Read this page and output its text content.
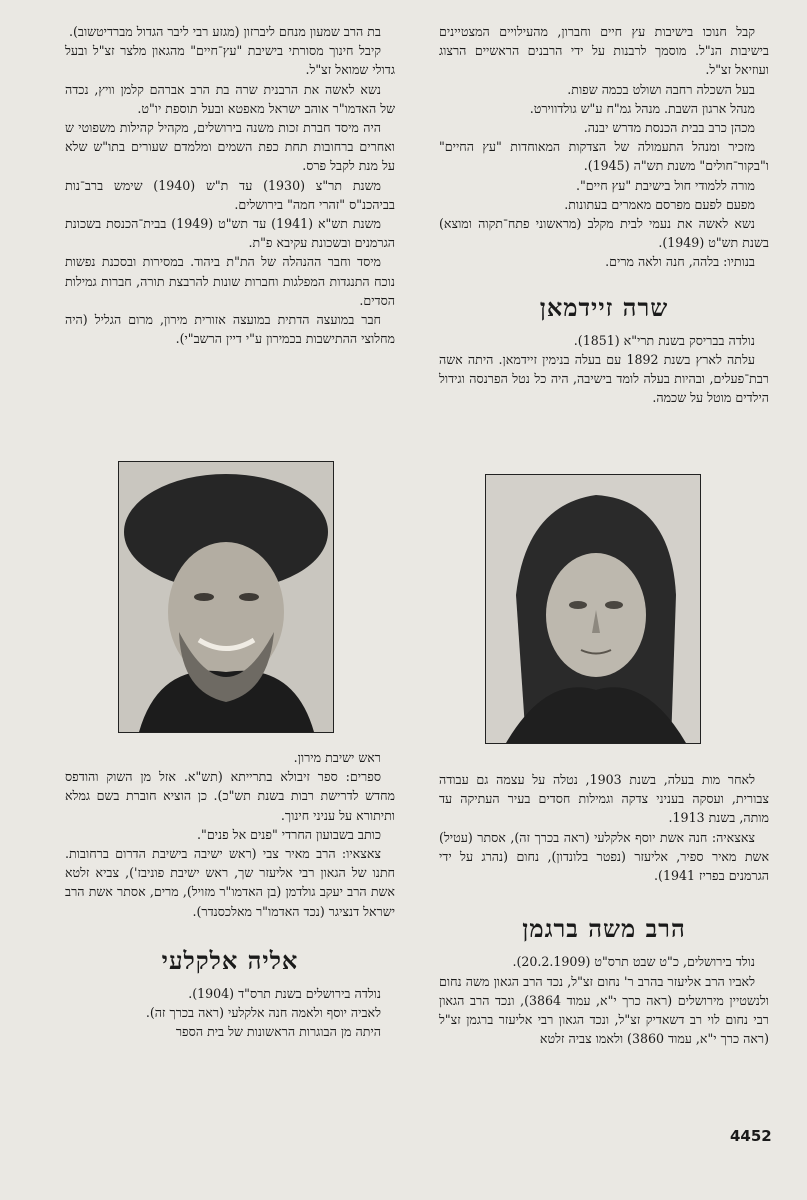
קבל חנוכו בישיבות עץ חיים וחברון, מהעילויים המצטיינים בישיבות הנ"ל. מוסמך לרבנות על ידי הרבנים הראשיים הרצוג ועוזיאל זצ"ל.

בעל השכלה רחבה ושולט בכמה שפות.

מנהל ארגון השבת. מנהל גמ"ח ע"ש גולדווירט.

מכהן כרב בבית הכנסת מדרש יבנה.

מזכיר ומנהל התעמולה של הצדקות המאוחדות "עץ החיים" ו"בקור־חולים" משנת תש"ה (1945).

מורה ללמודי חול בישיבת "עץ חיים".

מפעם לפעם מפרסם מאמרים בעתונות.

נשא לאשה את נעמי לבית מקלב (מראשוני פתח־תקוה ומוצא) בשנת תש"ט (1949).

בנותיו: בלהה, חנה ולאה מרים.

שרה זיידמאן

נולדה בבריסק בשנת תרי"א (1851).

עלתה לארץ בשנת 1892 עם בעלה בנימין זיידמאן. היתה אשה רבת־פעלים, ובהיות בעלה לומד בישיבה, היה כל נטל הפרנסה וגידול הילדים מוטל על שכמה.

לאחר מות בעלה, בשנת 1903, נטלה על עצמה גם עבודה צבורית, ועסקה בעניני צדקה וגמילות חסדים בעיר העתיקה עד מותה, בשנת 1913.

צאצאיה: חנה אשת יוסף אלקלעי (ראה בכרך זה), אסתר (עטיל) אשת מאיר ספיר, אליעזר (נפטר בלונדון), נחום (נהרג על ידי הגרמנים בפריז 1941).

הרב משה ברגמן

נולד בירושלים, כ"ט שבט תרס"ט (20.2.1909).

לאביו הרב אליעזר בהרב ר' נחום זצ"ל, נכד הרב הגאון משה נחום ולנשטיין מירושלים (ראה כרך י"א, עמוד 3864), ונכד הרב הגאון רבי נחום לוי רב דשאדיק זצ"ל, ונכד הגאון רבי אליעזר ברגמן זצ"ל (ראה כרך י"א, עמוד 3860) ולאמו צביה זלטא

בת הרב שמעון מנחם ליברזון (מגזע רבי ליבר הגדול מברדיטשוב).

קיבל חינוך מסורתי בישיבת "עץ־חיים" מהגאון מלצר זצ"ל ובעל גדולי שמואל זצ"ל.

נשא לאשה את הרבנית שרה בת הרב אברהם קלמן וויץ, נכדה של האדמו"ר אוהב ישראל מאפטא ובעל תוספת יו"ט.

היה מיסד חברת זכות משנה בירושלים, מקהיל קהילות משפוטי ש ואחרים ברחובות תחת כפת השמים ומלמדם שעורים בתו"ש שלא על מנת לקבל פרס.

משנת תר"צ (1930) עד ת"ש (1940) שימש ברב־נות בביהכנ"ס "זהרי חמה" בירושלים.

משנת תש"א (1941) עד תש"ט (1949) בבית־הכנסת בשכונת הגרמנים ובשכונת עקיבא פ"ת.

מיסד וחבר ההנהלה של הת"ת ביהוד. במסירות ובסכנת נפשות נוכח התנגדות המפלגות וחברות שונות להרבצת תורה, חברות גמילות הסדים.

חבר במועצה הדתית במועצה אזורית מירון, מרום הגליל (היה מחלוצי ההתישבות בכמירון ע"י דיין הרשב"י).

ראש ישיבת מירון.

ספרים: ספר זיבולא בתרייתא (תש"א. אזל מן השוק והודפס מחדש לדרישת רבות בשנת תש"כ). כן הוציא חוברת בשם גמלא ותיתורא על עניני חינוך.

כותב בשבועון החרדי "פנים אל פנים".

צאצאיו: הרב מאיר צבי (ראש ישיבה בישיבת הדרום ברחובות. חתנו של הגאון רבי אליעזר שך, ראש ישיבת פוניבז'), צביא זלטא אשת הרב יעקב גולדמן (בן האדמו"ר מזויל), מרים, אסתר אשת הרב ישראל דנציגר (נכד האדמו"ר מאלכסנדר).

אליה אלקלעי

נולדה בירושלים בשנת תרס"ד (1904).

לאביה יוסף ולאמה חנה אלקלעי (ראה בכרך זה).

היתה מן הבוגרות הראשונות של בית הספר

4452
